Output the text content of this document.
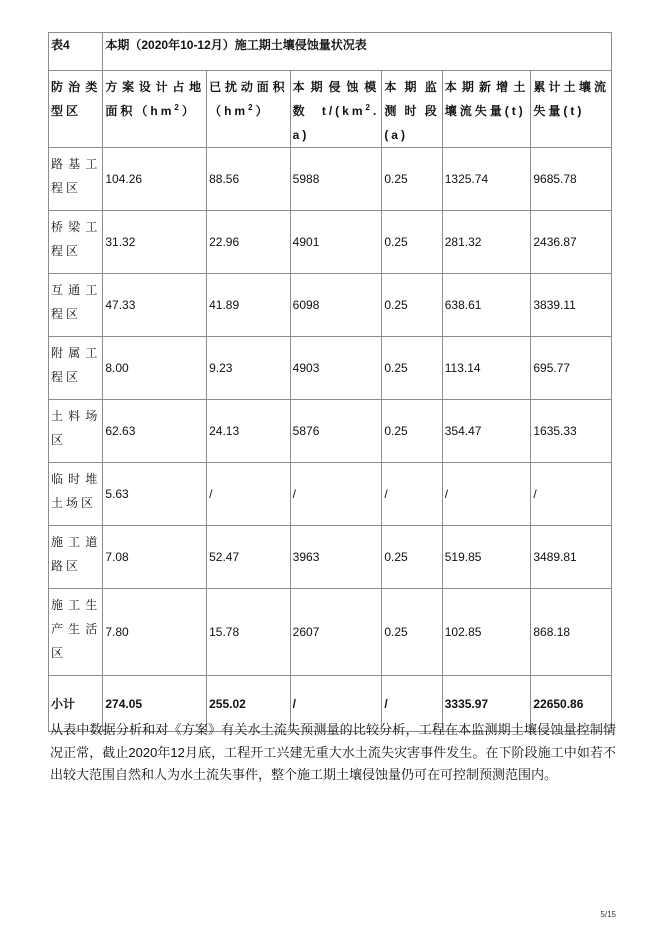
表4	本期（2020年10-12月）施工期土壤侵蚀量状况表					
防治类型区	方案设计占地面积$(hm^2)$	已扰动面积$(hm^2)$	本期侵蚀模数$t/(km^2.a)$	本期监测时段(a)	本期新增土壤流失量(t)	累计土壤流失量(t)
路基工程区	104.26	88.56	5988	0.25	1325.74	9685.78
桥梁工程区	31.32	22.96	4901	0.25	281.32	2436.87
互通工程区	47.33	41.89	6098	0.25	638.61	3839.11
附属工程区	8.00	9.23	4903	0.25	113.14	695.77
土料场区	62.63	24.13	5876	0.25	354.47	1635.33
临时堆土场区	5.63	/	/	/	/	/
施工道路区	7.08	52.47	3963	0.25	519.85	3489.81
施工生产生活区	7.80	15.78	2607	0.25	102.85	868.18
小计	274.05	255.02	/	/	3335.97	22650.86

从表中数据分析和对《方案》有关水土流失预测量的比较分析，工程在本监测期土壤侵蚀量控制情况正常，截止2020年12月底，工程开工兴建无重大水土流失灾害事件发生。在下阶段施工中如若不出较大范围自然和人为水土流失事件，整个施工期土壤侵蚀量仍可在可控制预测范围内。

5/15
